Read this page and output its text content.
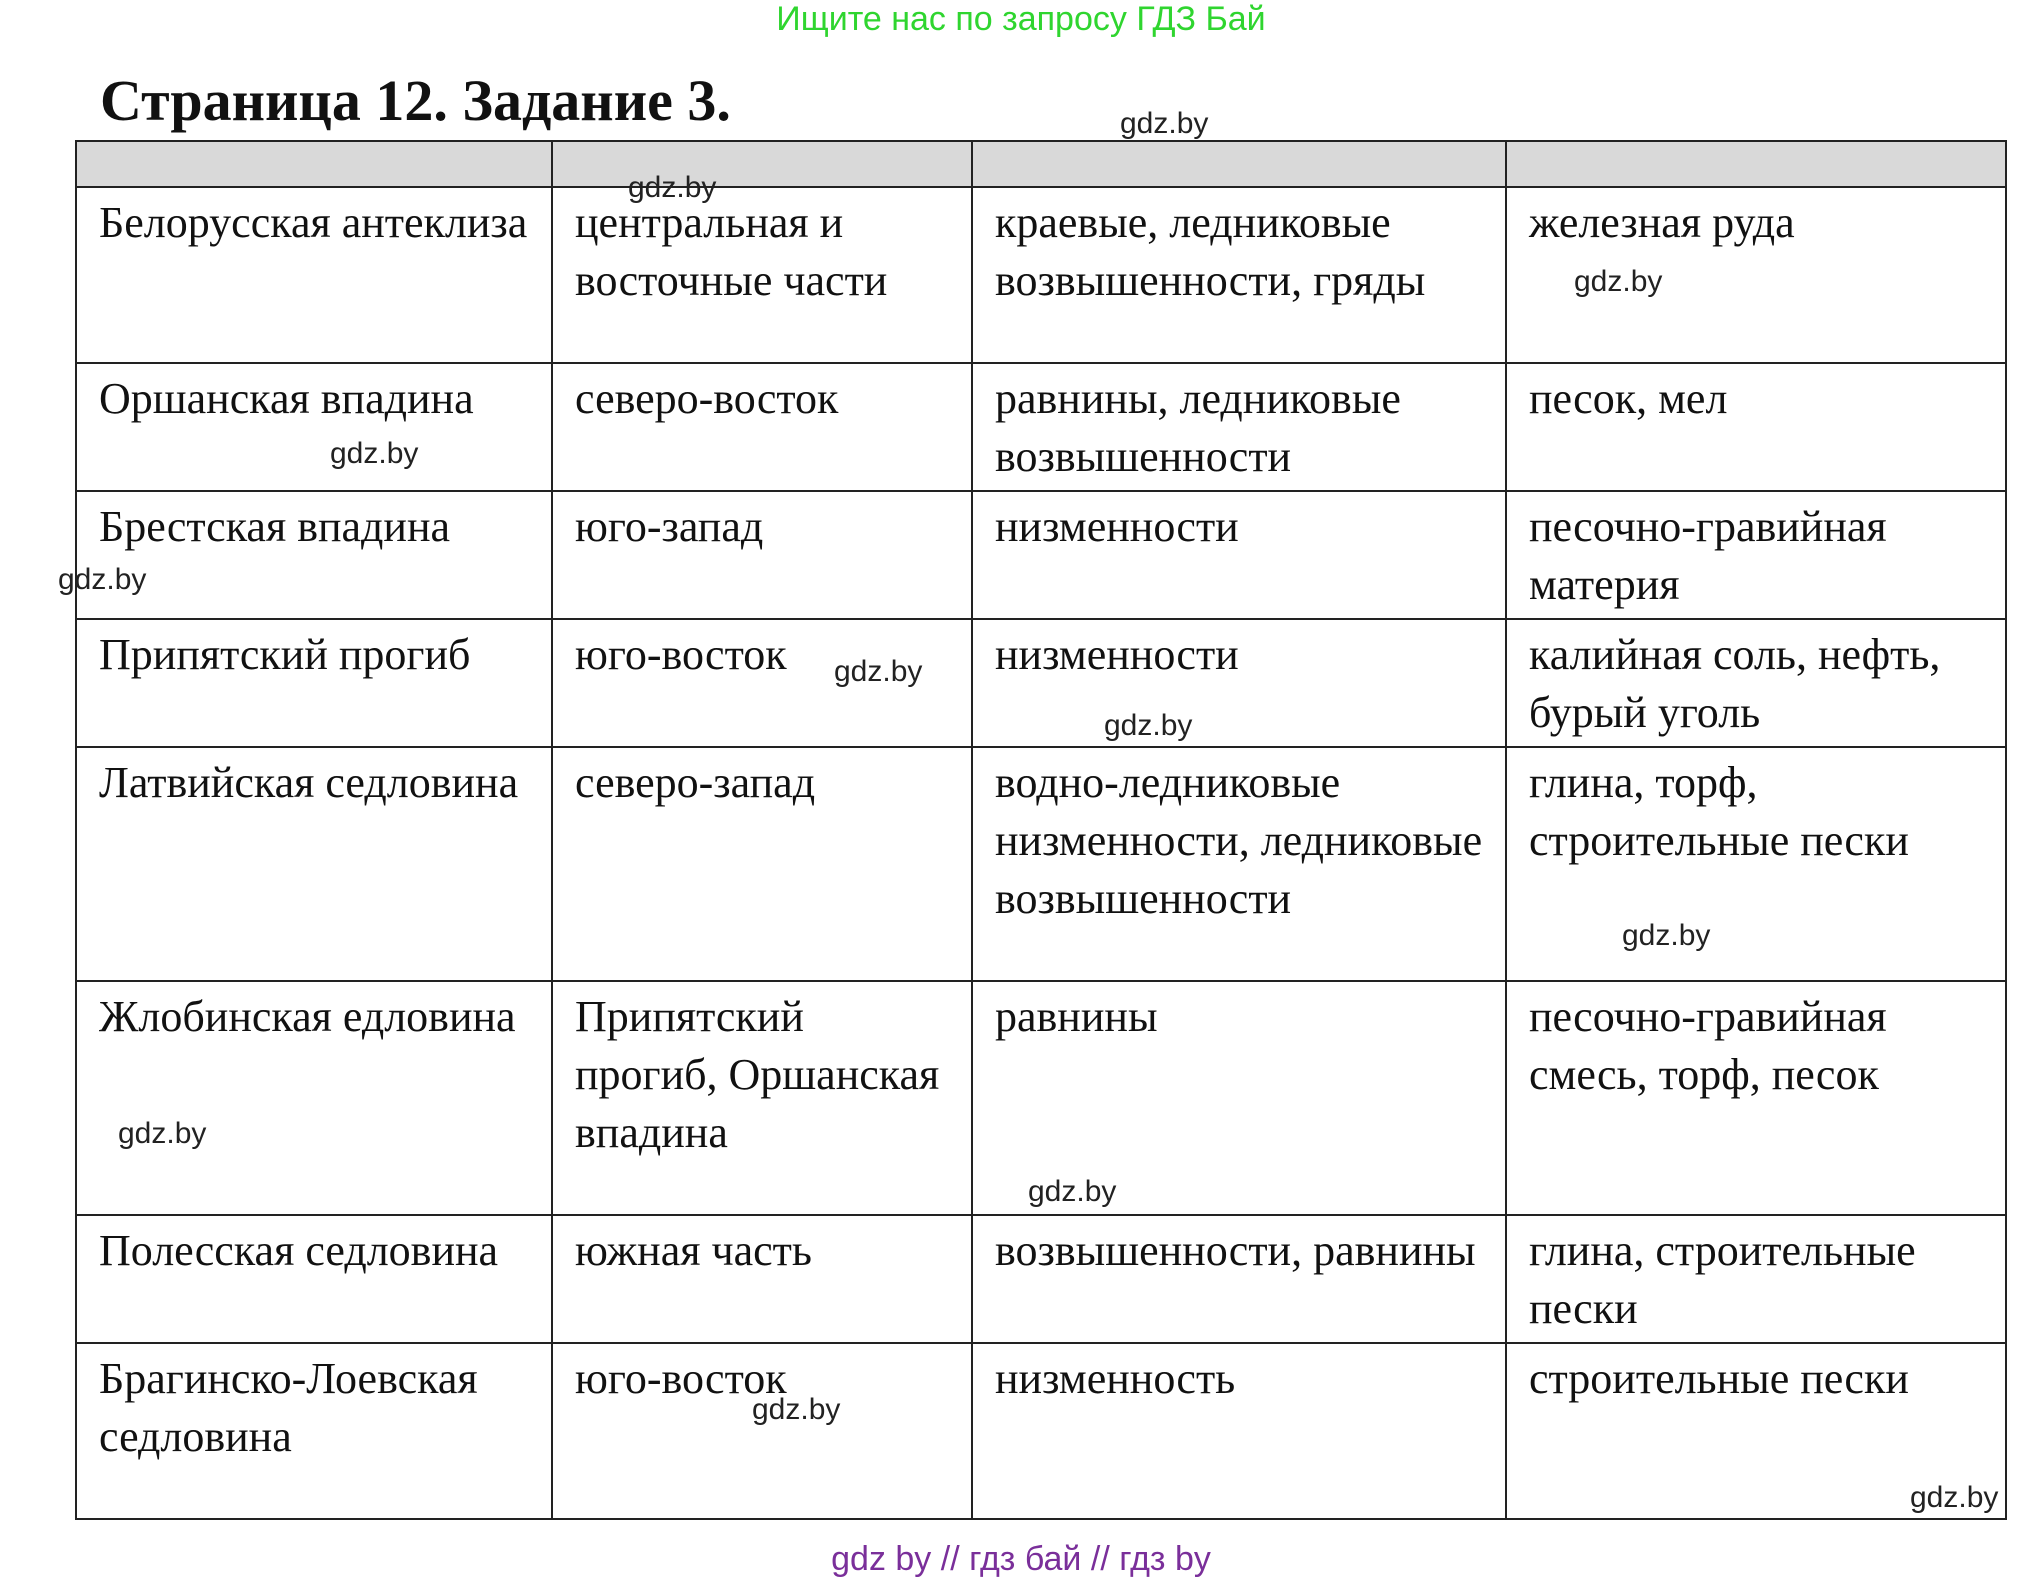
Ищите нас по запросу ГДЗ Бай
Страница 12. Задание 3.

Белорусская антеклиза	центральная и восточные части	краевые, ледниковые возвышенности, гряды	железная руда
Оршанская впадина	северо-восток	равнины, ледниковые возвышенности	песок, мел
Брестская впадина	юго-запад	низменности	песочно-гравийная материя
Припятский прогиб	юго-восток	низменности	калийная соль, нефть, бурый уголь
Латвийская седловина	северо-запад	водно-ледниковые низменности, ледниковые возвышенности	глина, торф, строительные пески
Жлобинская едловина	Припятский прогиб, Оршанская впадина	равнины	песочно-гравийная смесь, торф, песок
Полесская седловина	южная часть	возвышенности, равнины	глина, строительные пески
Брагинско-Лоевская седловина	юго-восток	низменность	строительные пески
gdz.by
gdz.by
gdz.by
gdz.by
gdz.by
gdz.by
gdz.by
gdz.by
gdz.by
gdz.by
gdz.by
gdz.by
gdz by // гдз бай // гдз by
